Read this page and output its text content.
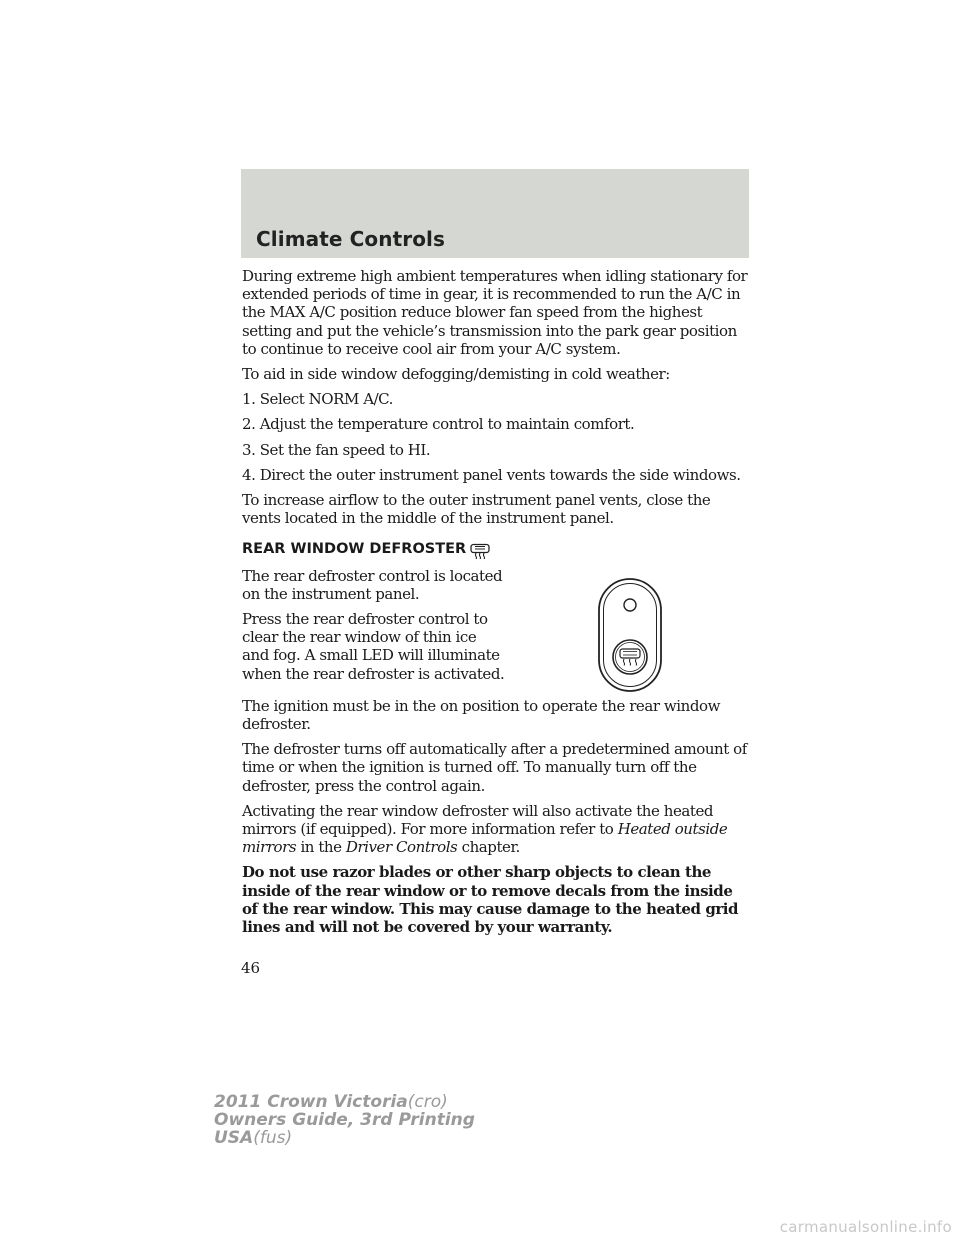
Climate Controls

During extreme high ambient temperatures when idling stationary for extended periods of time in gear, it is recommended to run the A/C in the MAX A/C position reduce blower fan speed from the highest setting and put the vehicle’s transmission into the park gear position to continue to receive cool air from your A/C system.

To aid in side window defogging/demisting in cold weather:

1. Select NORM A/C.

2. Adjust the temperature control to maintain comfort.

3. Set the fan speed to HI.

4. Direct the outer instrument panel vents towards the side windows.

To increase airflow to the outer instrument panel vents, close the vents located in the middle of the instrument panel.

REAR WINDOW DEFROSTER

The rear defroster control is located on the instrument panel.

Press the rear defroster control to clear the rear window of thin ice and fog. A small LED will illuminate when the rear defroster is activated.

The ignition must be in the on position to operate the rear window defroster.

The defroster turns off automatically after a predetermined amount of time or when the ignition is turned off. To manually turn off the defroster, press the control again.

Activating the rear window defroster will also activate the heated mirrors (if equipped). For more information refer to Heated outside mirrors in the Driver Controls chapter.

Do not use razor blades or other sharp objects to clean the inside of the rear window or to remove decals from the inside of the rear window. This may cause damage to the heated grid lines and will not be covered by your warranty.

46
2011 Crown Victoria(cro)
Owners Guide, 3rd Printing
USA(fus)
carmanualsonline.info
